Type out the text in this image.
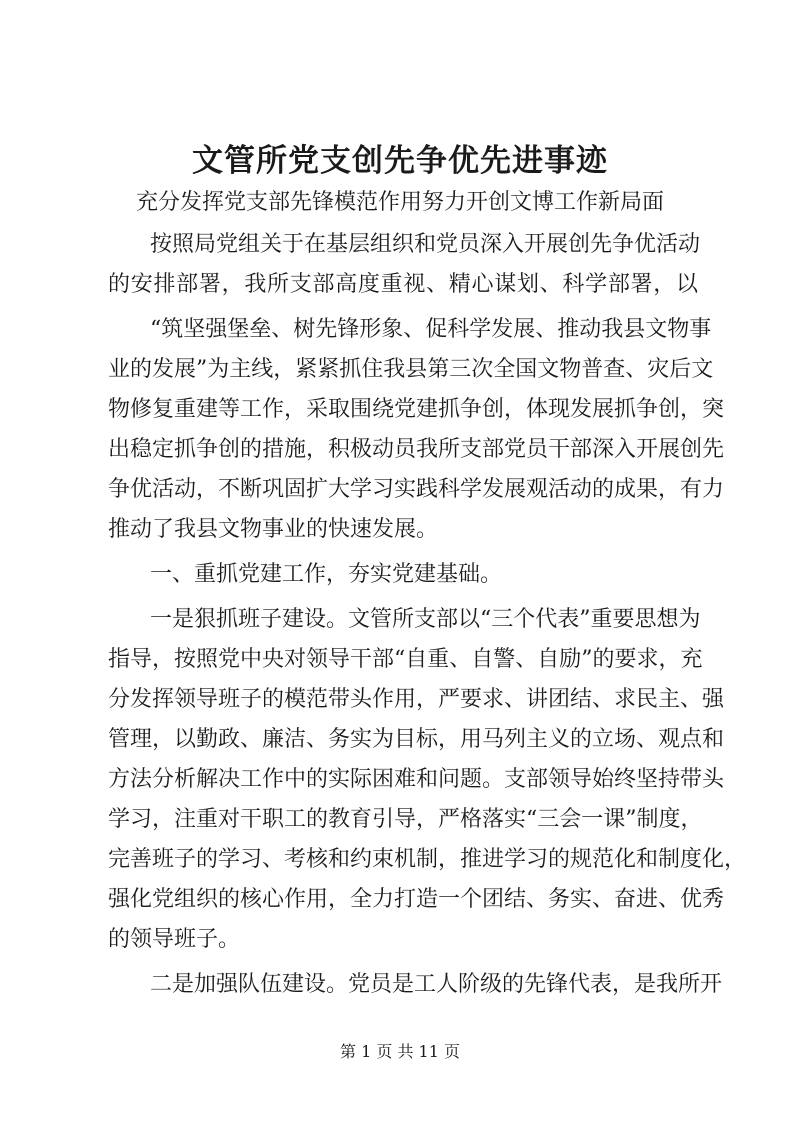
文管所党支创先争优先进事迹
充分发挥党支部先锋模范作用努力开创文博工作新局面
按照局党组关于在基层组织和党员深入开展创先争优活动
的安排部署，我所支部高度重视、精心谋划、科学部署，以
“筑坚强堡垒、树先锋形象、促科学发展、推动我县文物事
业的发展”为主线，紧紧抓住我县第三次全国文物普查、灾后文
物修复重建等工作，采取围绕党建抓争创，体现发展抓争创，突
出稳定抓争创的措施，积极动员我所支部党员干部深入开展创先
争优活动，不断巩固扩大学习实践科学发展观活动的成果，有力
推动了我县文物事业的快速发展。
一、重抓党建工作，夯实党建基础。
一是狠抓班子建设。文管所支部以“三个代表”重要思想为
指导，按照党中央对领导干部“自重、自警、自励”的要求，充
分发挥领导班子的模范带头作用，严要求、讲团结、求民主、强
管理，以勤政、廉洁、务实为目标，用马列主义的立场、观点和
方法分析解决工作中的实际困难和问题。支部领导始终坚持带头
学习，注重对干职工的教育引导，严格落实“三会一课”制度，
完善班子的学习、考核和约束机制，推进学习的规范化和制度化，
强化党组织的核心作用，全力打造一个团结、务实、奋进、优秀
的领导班子。
二是加强队伍建设。党员是工人阶级的先锋代表，是我所开
第 1 页 共 11 页
